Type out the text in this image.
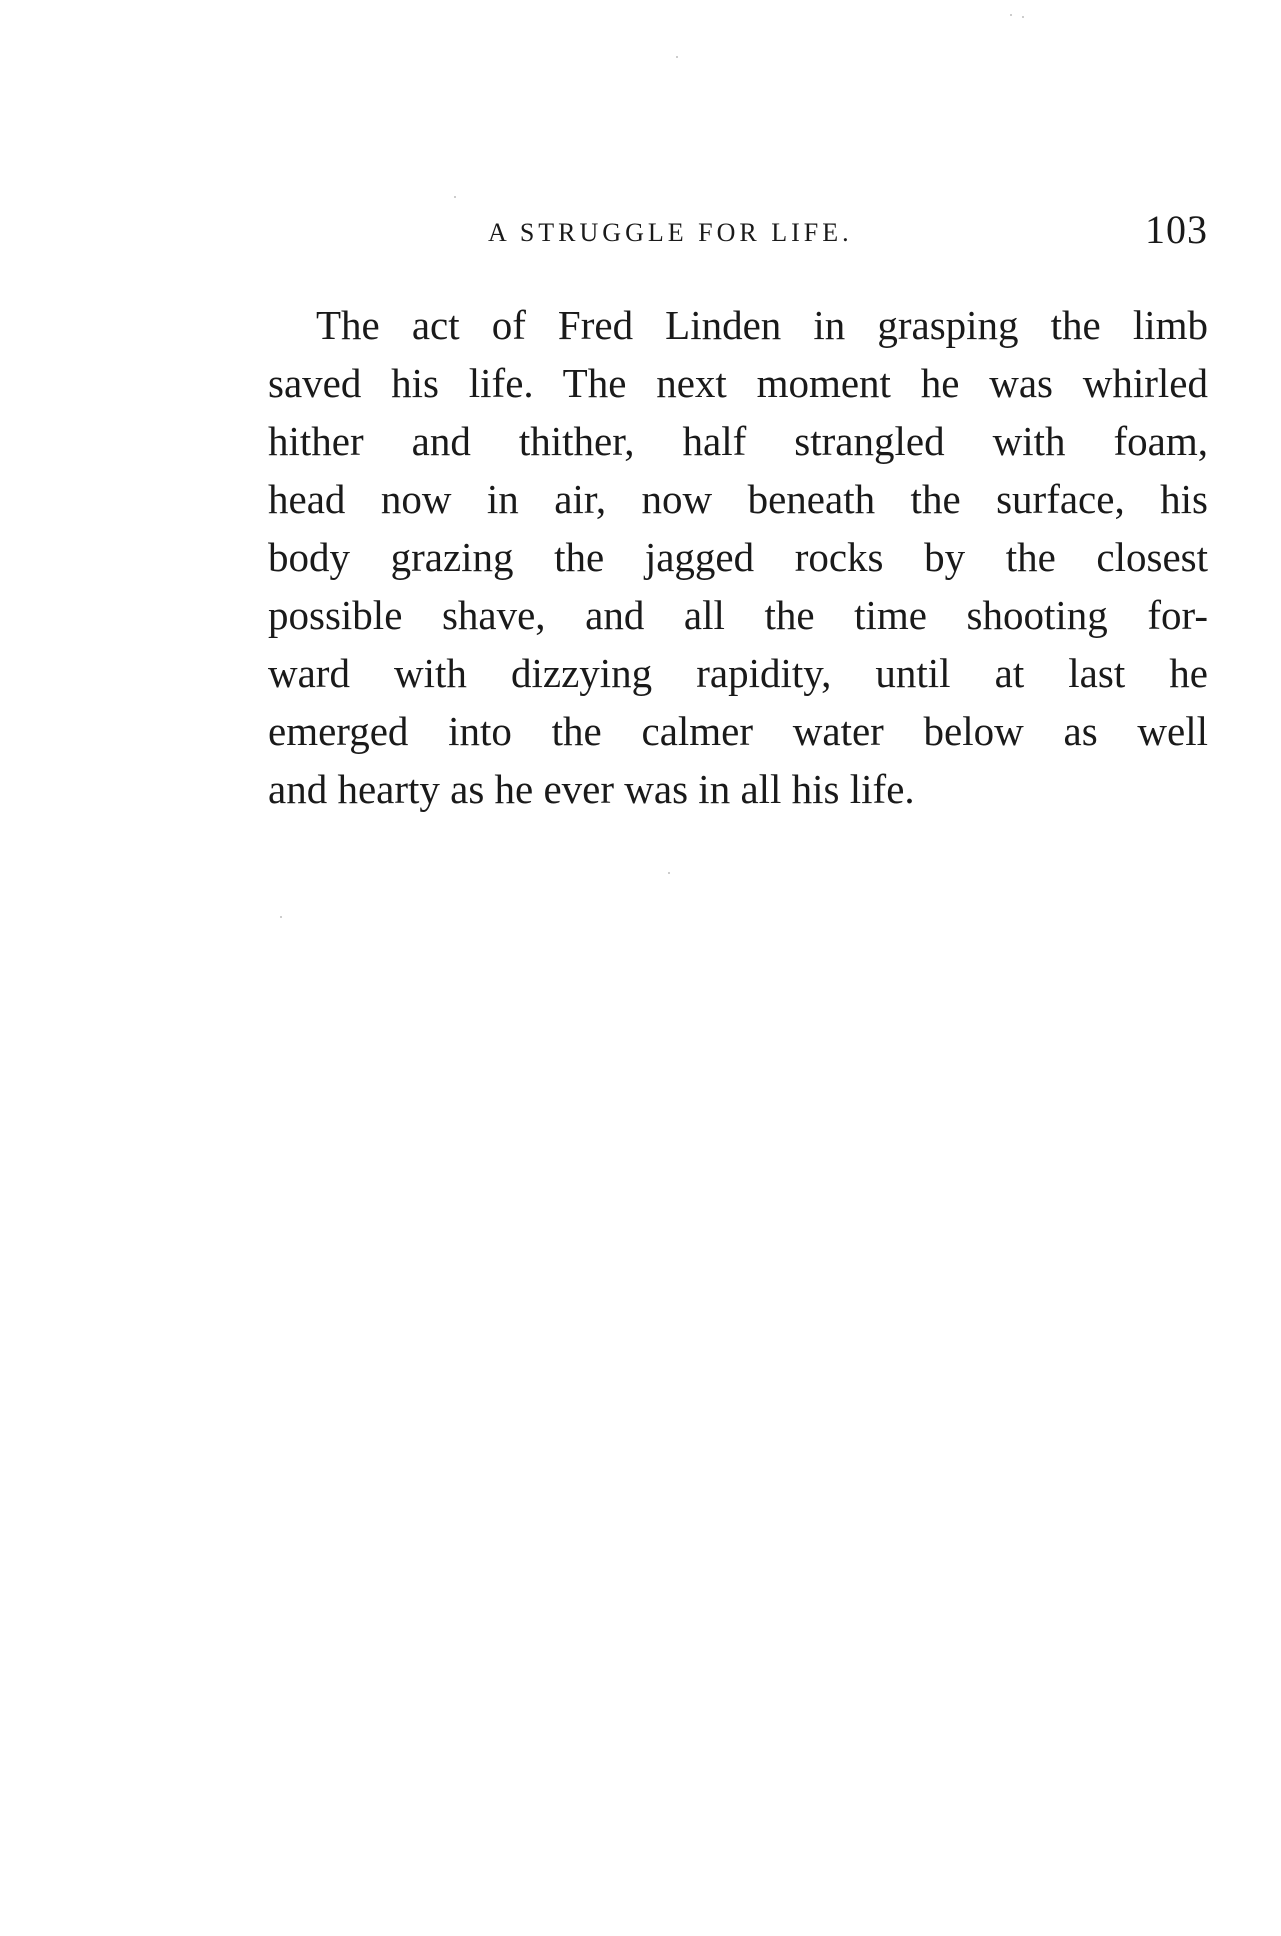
A STRUGGLE FOR LIFE.	103
The act of Fred Linden in grasping the limb
saved his life. The next moment he was whirled
hither and thither, half strangled with foam,
head now in air, now beneath the surface, his
body grazing the jagged rocks by the closest
possible shave, and all the time shooting for-
ward with dizzying rapidity, until at last he
emerged into the calmer water below as well
and hearty as he ever was in all his life.
